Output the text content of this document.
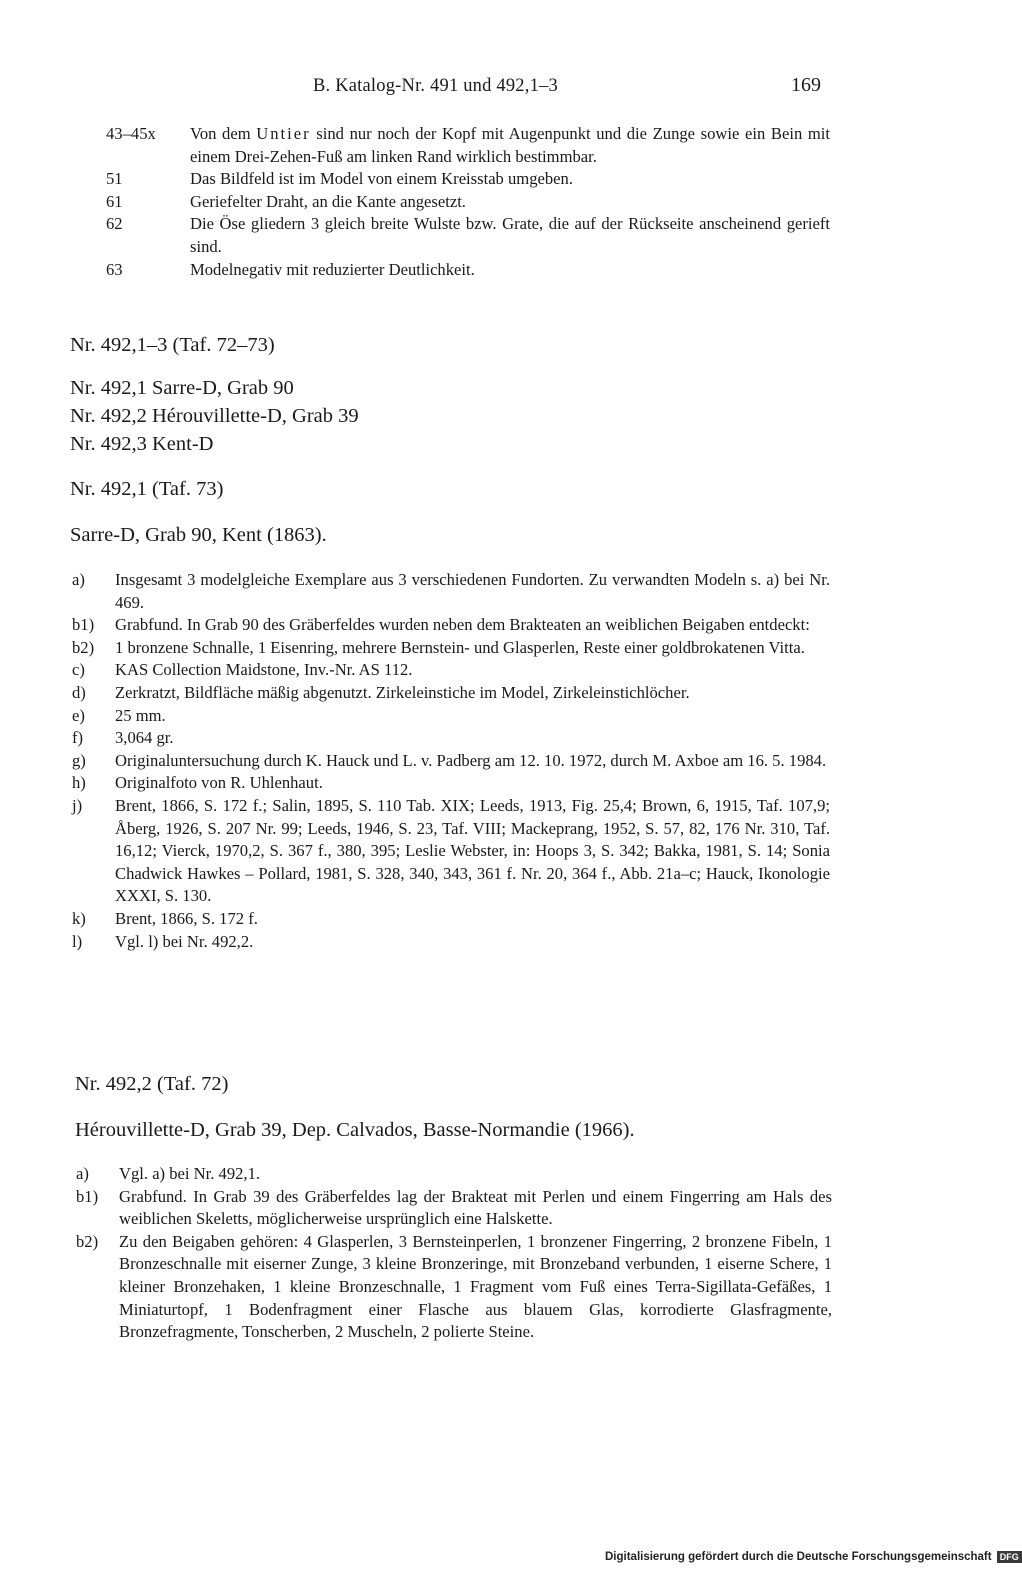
B. Katalog-Nr. 491 und 492,1–3	169
43–45x	Von dem Untier sind nur noch der Kopf mit Augenpunkt und die Zunge sowie ein Bein mit einem Drei-Zehen-Fuß am linken Rand wirklich bestimmbar.
51	Das Bildfeld ist im Model von einem Kreisstab umgeben.
61	Geriefelter Draht, an die Kante angesetzt.
62	Die Öse gliedern 3 gleich breite Wulste bzw. Grate, die auf der Rückseite anscheinend gerieft sind.
63	Modelnegativ mit reduzierter Deutlichkeit.
Nr. 492,1–3 (Taf. 72–73)
Nr. 492,1 Sarre-D, Grab 90
Nr. 492,2 Hérouvillette-D, Grab 39
Nr. 492,3 Kent-D
Nr. 492,1 (Taf. 73)
Sarre-D, Grab 90, Kent (1863).
a)	Insgesamt 3 modelgleiche Exemplare aus 3 verschiedenen Fundorten. Zu verwandten Modeln s. a) bei Nr. 469.
b1)	Grabfund. In Grab 90 des Gräberfeldes wurden neben dem Brakteaten an weiblichen Beigaben entdeckt:
b2)	1 bronzene Schnalle, 1 Eisenring, mehrere Bernstein- und Glasperlen, Reste einer goldbrokatenen Vitta.
c)	KAS Collection Maidstone, Inv.-Nr. AS 112.
d)	Zerkratzt, Bildfläche mäßig abgenutzt. Zirkeleinstiche im Model, Zirkeleinstichlöcher.
e)	25 mm.
f)	3,064 gr.
g)	Originaluntersuchung durch K. Hauck und L. v. Padberg am 12. 10. 1972, durch M. Axboe am 16. 5. 1984.
h)	Originalfoto von R. Uhlenhaut.
j)	Brent, 1866, S. 172 f.; Salin, 1895, S. 110 Tab. XIX; Leeds, 1913, Fig. 25,4; Brown, 6, 1915, Taf. 107,9; Åberg, 1926, S. 207 Nr. 99; Leeds, 1946, S. 23, Taf. VIII; Mackeprang, 1952, S. 57, 82, 176 Nr. 310, Taf. 16,12; Vierck, 1970,2, S. 367 f., 380, 395; Leslie Webster, in: Hoops 3, S. 342; Bakka, 1981, S. 14; Sonia Chadwick Hawkes – Pollard, 1981, S. 328, 340, 343, 361 f. Nr. 20, 364 f., Abb. 21a–c; Hauck, Ikonologie XXXI, S. 130.
k)	Brent, 1866, S. 172 f.
l)	Vgl. l) bei Nr. 492,2.
Nr. 492,2 (Taf. 72)
Hérouvillette-D, Grab 39, Dep. Calvados, Basse-Normandie (1966).
a)	Vgl. a) bei Nr. 492,1.
b1)	Grabfund. In Grab 39 des Gräberfeldes lag der Brakteat mit Perlen und einem Fingerring am Hals des weiblichen Skeletts, möglicherweise ursprünglich eine Halskette.
b2)	Zu den Beigaben gehören: 4 Glasperlen, 3 Bernsteinperlen, 1 bronzener Fingerring, 2 bronzene Fibeln, 1 Bronzeschnalle mit eiserner Zunge, 3 kleine Bronzeringe, mit Bronzeband verbunden, 1 eiserne Schere, 1 kleiner Bronzehaken, 1 kleine Bronzeschnalle, 1 Fragment vom Fuß eines Terra-Sigillata-Gefäßes, 1 Miniaturtopf, 1 Bodenfragment einer Flasche aus blauem Glas, korrodierte Glasfragmente, Bronzefragmente, Tonscherben, 2 Muscheln, 2 polierte Steine.
Digitalisierung gefördert durch die Deutsche Forschungsgemeinschaft DFG
